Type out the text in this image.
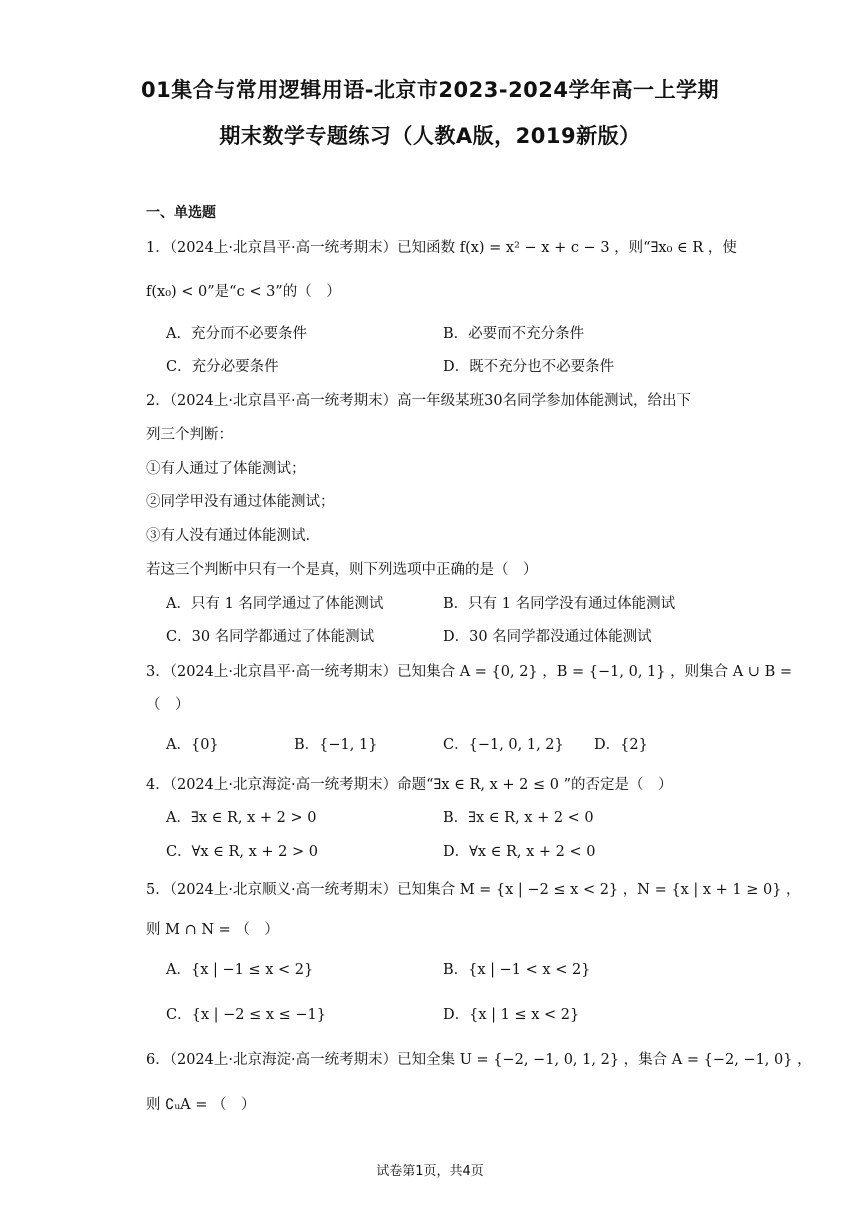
01集合与常用逻辑用语-北京市2023-2024学年高一上学期
期末数学专题练习（人教A版，2019新版）
一、单选题
1．（2024上·北京昌平·高一统考期末）已知函数 f(x) = x² − x + c − 3 ，则“∃x₀ ∈ R ，使
f(x₀) < 0”是“c < 3”的（　）
A．充分而不必要条件	B．必要而不充分条件
C．充分必要条件	D．既不充分也不必要条件
2．（2024上·北京昌平·高一统考期末）高一年级某班30名同学参加体能测试，给出下
列三个判断：
①有人通过了体能测试；
②同学甲没有通过体能测试；
③有人没有通过体能测试.
若这三个判断中只有一个是真，则下列选项中正确的是（　）
A．只有 1 名同学通过了体能测试	B．只有 1 名同学没有通过体能测试
C．30 名同学都通过了体能测试	D．30 名同学都没通过体能测试
3．（2024上·北京昌平·高一统考期末）已知集合 A = {0, 2} ，B = {−1, 0, 1} ，则集合 A ∪ B =
（　）
A．{0}	B．{−1, 1}	C．{−1, 0, 1, 2} D．{2}
4．（2024上·北京海淀·高一统考期末）命题“∃x ∈ R, x + 2 ≤ 0 ”的否定是（　）
A．∃x ∈ R, x + 2 > 0	B．∃x ∈ R, x + 2 < 0
C．∀x ∈ R, x + 2 > 0	D．∀x ∈ R, x + 2 < 0
5．（2024上·北京顺义·高一统考期末）已知集合 M = {x | −2 ≤ x < 2} ，N = {x | x + 1 ≥ 0} ，
则 M ∩ N = （　）
A．{x | −1 ≤ x < 2}	B．{x | −1 < x < 2}
C．{x | −2 ≤ x ≤ −1}	D．{x | 1 ≤ x < 2}
6．（2024上·北京海淀·高一统考期末）已知全集 U = {−2, −1, 0, 1, 2} ，集合 A = {−2, −1, 0} ，
则 ∁ᵤA = （　）
试卷第1页，共4页
